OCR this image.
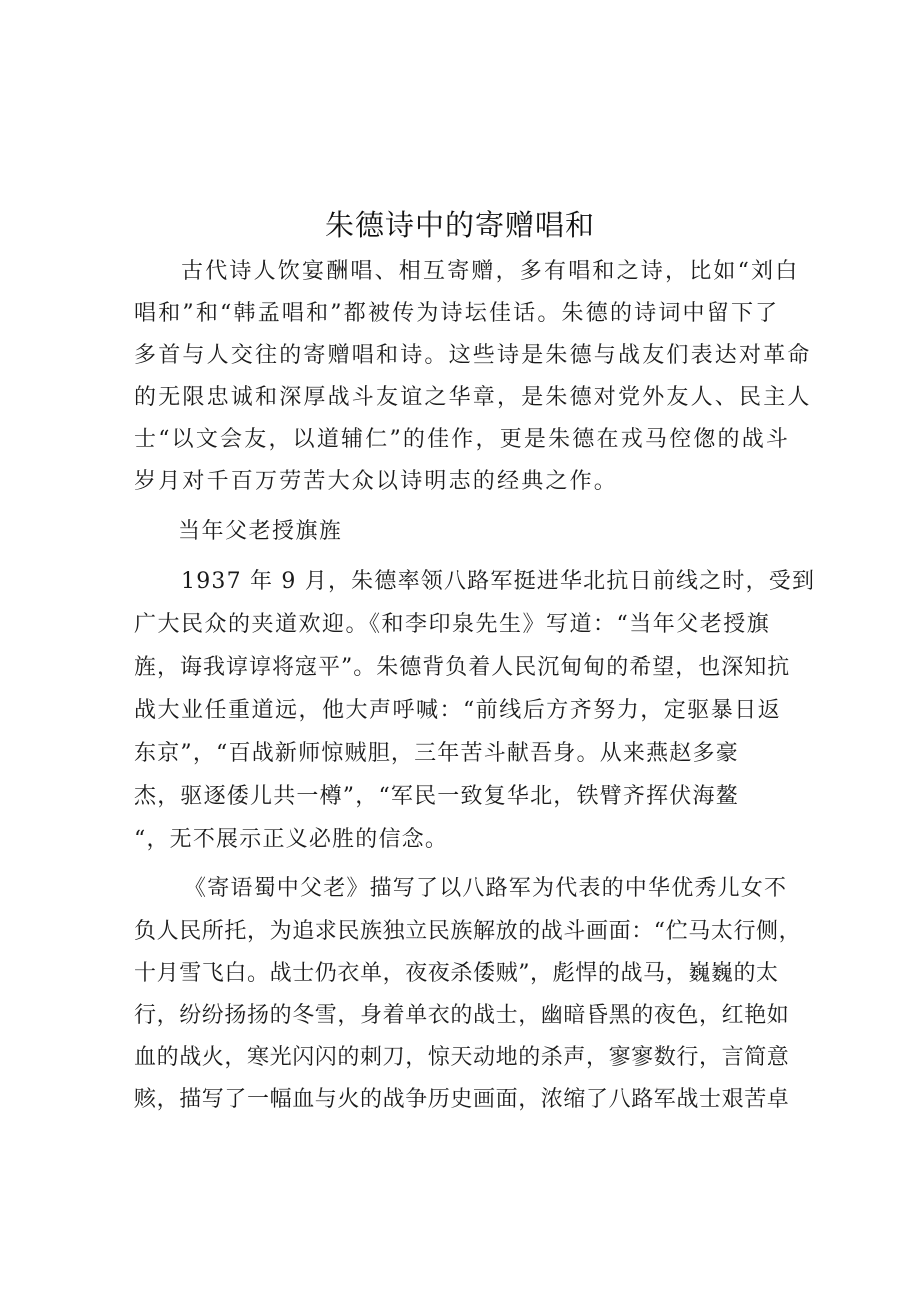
朱德诗中的寄赠唱和
古代诗人饮宴酬唱、相互寄赠，多有唱和之诗，比如“刘白
唱和”和“韩孟唱和”都被传为诗坛佳话。朱德的诗词中留下了
多首与人交往的寄赠唱和诗。这些诗是朱德与战友们表达对革命
的无限忠诚和深厚战斗友谊之华章，是朱德对党外友人、民主人
士“以文会友，以道辅仁”的佳作，更是朱德在戎马倥偬的战斗
岁月对千百万劳苦大众以诗明志的经典之作。
当年父老授旗旌
1937 年 9 月，朱德率领八路军挺进华北抗日前线之时，受到
广大民众的夹道欢迎。《和李印泉先生》写道：“当年父老授旗
旌，诲我谆谆将寇平”。朱德背负着人民沉甸甸的希望，也深知抗
战大业任重道远，他大声呼喊：“前线后方齐努力，定驱暴日返
东京”，“百战新师惊贼胆，三年苦斗献吾身。从来燕赵多豪
杰，驱逐倭儿共一樽”，“军民一致复华北，铁臂齐挥伏海鳌
“，无不展示正义必胜的信念。
《寄语蜀中父老》描写了以八路军为代表的中华优秀儿女不
负人民所托，为追求民族独立民族解放的战斗画面：“伫马太行侧，
十月雪飞白。战士仍衣单，夜夜杀倭贼”，彪悍的战马，巍巍的太
行，纷纷扬扬的冬雪，身着单衣的战士，幽暗昏黑的夜色，红艳如
血的战火，寒光闪闪的刺刀，惊天动地的杀声，寥寥数行，言简意
赅，描写了一幅血与火的战争历史画面，浓缩了八路军战士艰苦卓
